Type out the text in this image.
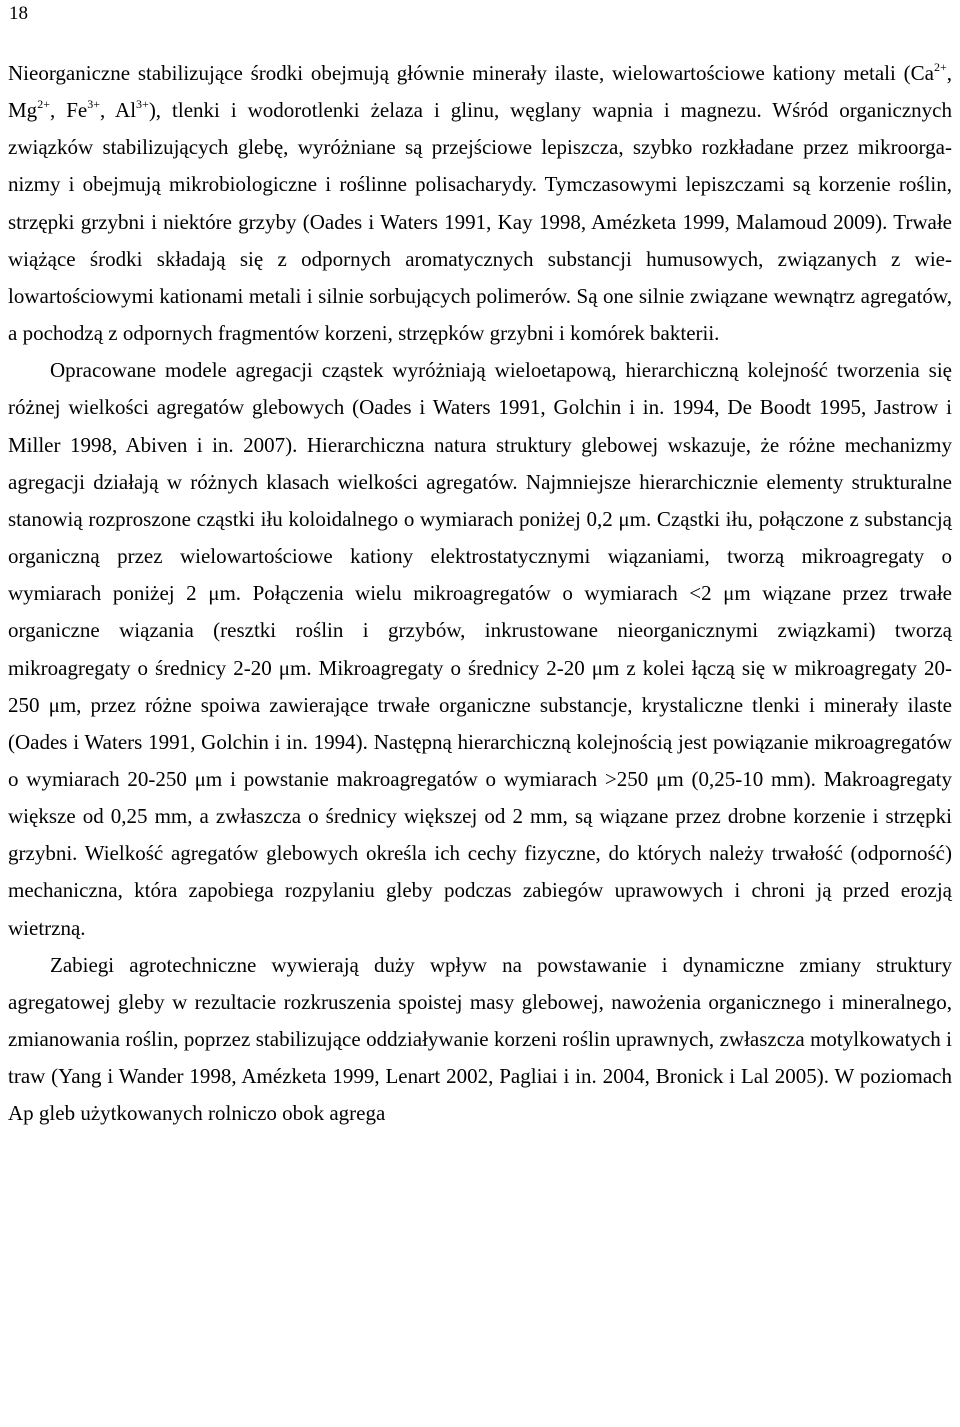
18

Nieorganiczne stabilizujące środki obejmują głównie minerały ilaste, wielowartościowe kationy metali ($Ca^{2+}$, $Mg^{2+}$, $Fe^{3+}$, $Al^{3+}$), tlenki i wodorotlenki żelaza i glinu, węglany wapnia i magnezu. Wśród organicznych związków stabilizujących glebę, wyróżniane są przejściowe lepiszcza, szybko rozkładane przez mikroorganizmy i obejmują mikrobiologiczne i roślinne polisacharydy. Tymczasowymi lepiszczami są korzenie roślin, strzępki grzybni i niektóre grzyby (Oades i Waters 1991, Kay 1998, Amézketa 1999, Malamoud 2009). Trwałe wiążące środki składają się z odpornych aromatycznych substancji humusowych, związanych z wielowartościowymi kationami metali i silnie sorbujących polimerów. Są one silnie związane wewnątrz agregatów, a pochodzą z odpornych fragmentów korzeni, strzępków grzybni i komórek bakterii.

Opracowane modele agregacji cząstek wyróżniają wieloetapową, hierarchiczną kolejność tworzenia się różnej wielkości agregatów glebowych (Oades i Waters 1991, Golchin i in. 1994, De Boodt 1995, Jastrow i Miller 1998, Abiven i in. 2007). Hierarchiczna natura struktury glebowej wskazuje, że różne mechanizmy agregacji działają w różnych klasach wielkości agregatów. Najmniejsze hierarchicznie elementy strukturalne stanowią rozproszone cząstki iłu koloidalnego o wymiarach poniżej 0,2 μm. Cząstki iłu, połączone z substancją organiczną przez wielowartościowe kationy elektrostatycznymi wiązaniami, tworzą mikroagregaty o wymiarach poniżej 2 μm. Połączenia wielu mikroagregatów o wymiarach <2 μm wiązane przez trwałe organiczne wiązania (resztki roślin i grzybów, inkrustowane nieorganicznymi związkami) tworzą mikroagregaty o średnicy 2-20 μm. Mikroagregaty o średnicy 2-20 μm z kolei łączą się w mikroagregaty 20-250 μm, przez różne spoiwa zawierające trwałe organiczne substancje, krystaliczne tlenki i minerały ilaste (Oades i Waters 1991, Golchin i in. 1994). Następną hierarchiczną kolejnością jest powiązanie mikroagregatów o wymiarach 20-250 μm i powstanie makroagregatów o wymiarach >250 μm (0,25-10 mm). Makroagregaty większe od 0,25 mm, a zwłaszcza o średnicy większej od 2 mm, są wiązane przez drobne korzenie i strzępki grzybni. Wielkość agregatów glebowych określa ich cechy fizyczne, do których należy trwałość (odporność) mechaniczna, która zapobiega rozpylaniu gleby podczas zabiegów uprawowych i chroni ją przed erozją wietrzną.

Zabiegi agrotechniczne wywierają duży wpływ na powstawanie i dynamiczne zmiany struktury agregatowej gleby w rezultacie rozkruszenia spoistej masy glebowej, nawożenia organicznego i mineralnego, zmianowania roślin, poprzez stabilizujące oddziaływanie korzeni roślin uprawnych, zwłaszcza motylkowatych i traw (Yang i Wander 1998, Amézketa 1999, Lenart 2002, Pagliai i in. 2004, Bronick i Lal 2005). W poziomach Ap gleb użytkowanych rolniczo obok agrega
